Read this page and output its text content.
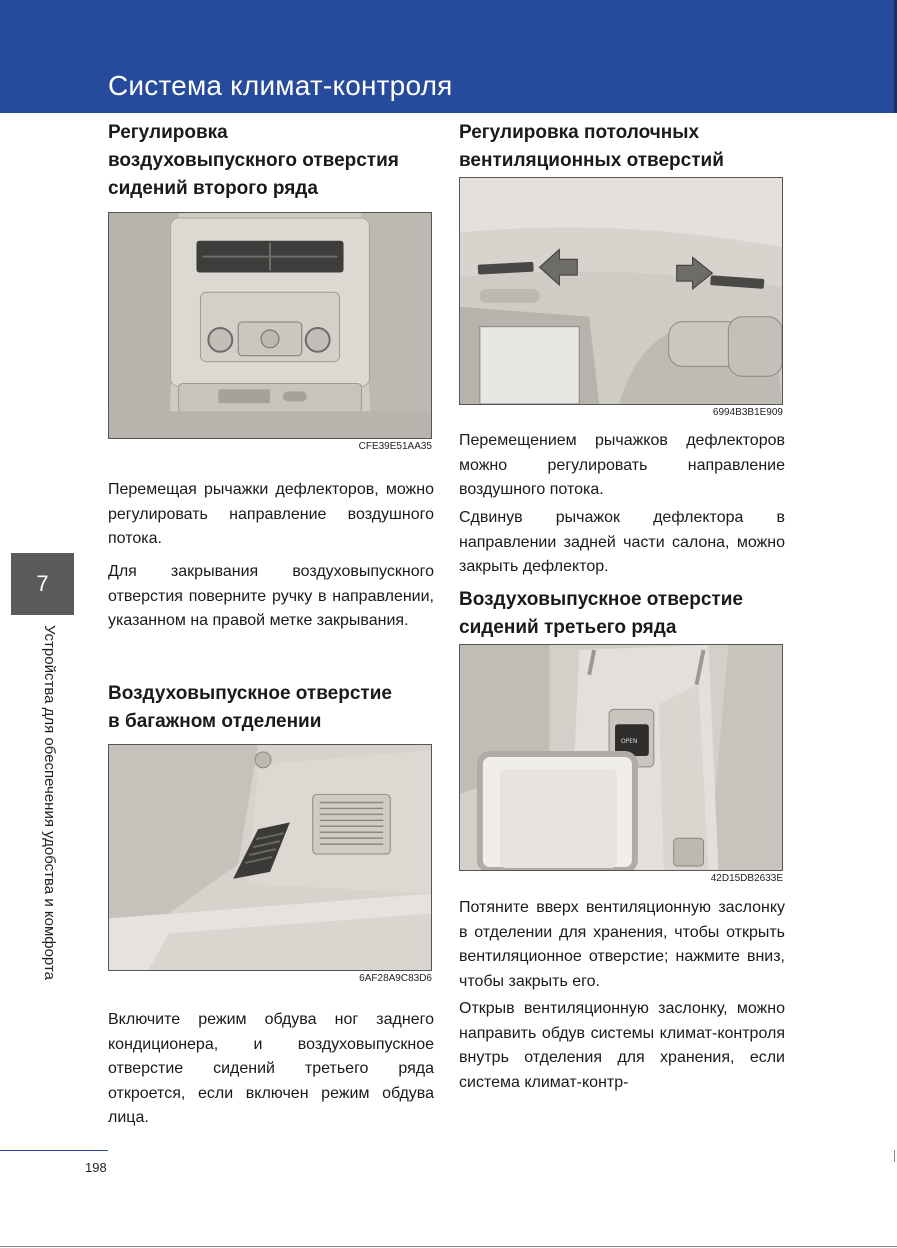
Система климат-контроля
Регулировка
воздуховыпускного отверстия
сидений второго ряда
CFE39E51AA35
Перемещая рычажки дефлекторов, можно регулировать направление воздушного потока.
Для закрывания воздуховыпускного отверстия поверните ручку в направлении, указанном на правой метке закрывания.
Воздуховыпускное отверстие
в багажном отделении
6AF28A9C83D6
Включите режим обдува ног заднего кондиционера, и воздуховыпускное отверстие сидений третьего ряда откроется, если включен режим обдува лица.
Регулировка потолочных
вентиляционных отверстий
6994B3B1E909
Перемещением рычажков дефлекторов можно регулировать направление воздушного потока.
Сдвинув рычажок дефлектора в направлении задней части салона, можно закрыть дефлектор.
Воздуховыпускное отверстие
сидений третьего ряда
OPEN
42D15DB2633E
Потяните вверх вентиляционную заслонку в отделении для хранения, чтобы открыть вентиляционное отверстие; нажмите вниз, чтобы закрыть его.
Открыв вентиляционную заслонку, можно направить обдув системы климат-контроля внутрь отделения для хранения, если система климат-контр-
7
Устройства для обеспечения удобства и комфорта
198
